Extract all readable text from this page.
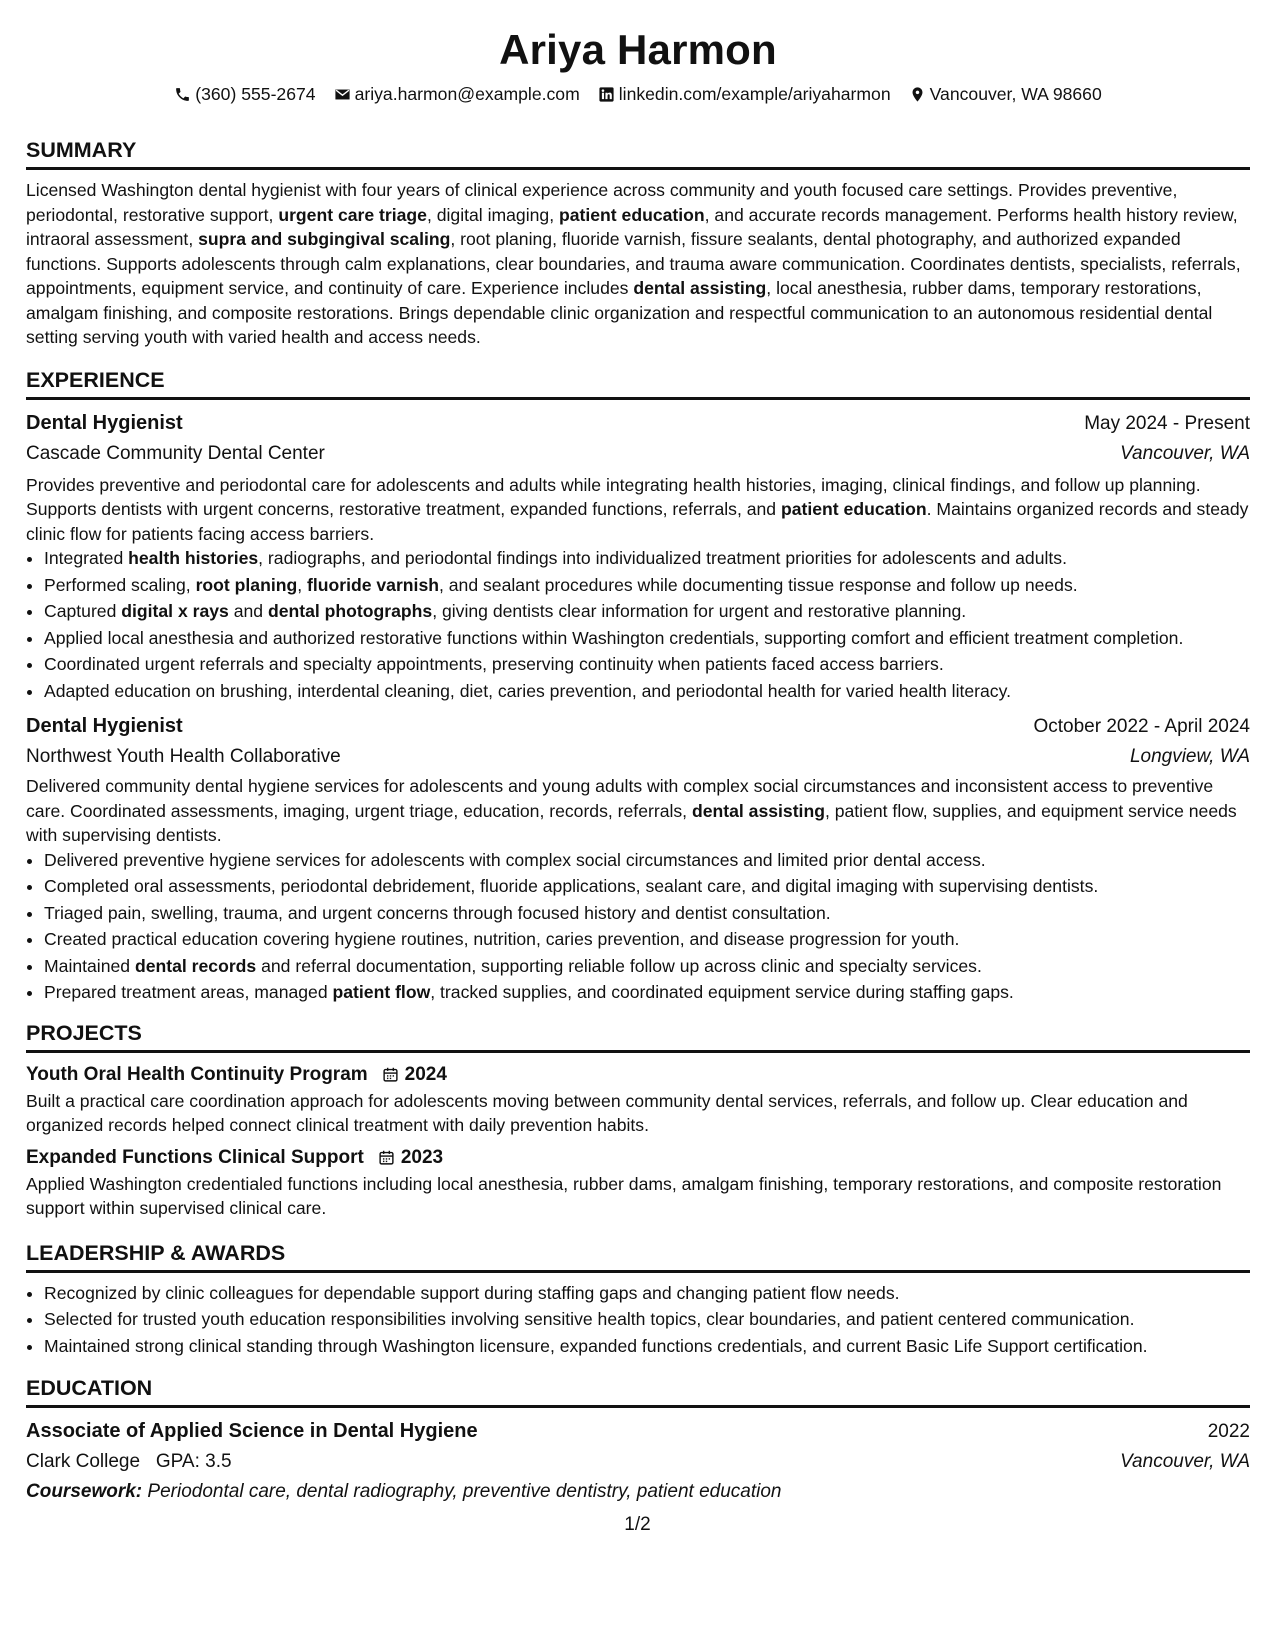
Ariya Harmon
(360) 555-2674 ariya.harmon@example.com linkedin.com/example/ariyaharmon Vancouver, WA 98660
SUMMARY

Licensed Washington dental hygienist with four years of clinical experience across community and youth focused care settings. Provides preventive, periodontal, restorative support, urgent care triage, digital imaging, patient education, and accurate records management. Performs health history review, intraoral assessment, supra and subgingival scaling, root planing, fluoride varnish, fissure sealants, dental photography, and authorized expanded functions. Supports adolescents through calm explanations, clear boundaries, and trauma aware communication. Coordinates dentists, specialists, referrals, appointments, equipment service, and continuity of care. Experience includes dental assisting, local anesthesia, rubber dams, temporary restorations, amalgam finishing, and composite restorations. Brings dependable clinic organization and respectful communication to an autonomous residential dental setting serving youth with varied health and access needs.

EXPERIENCE
Dental Hygienist	May 2024 - Present
Cascade Community Dental Center	Vancouver, WA

Provides preventive and periodontal care for adolescents and adults while integrating health histories, imaging, clinical findings, and follow up planning. Supports dentists with urgent concerns, restorative treatment, expanded functions, referrals, and patient education. Maintains organized records and steady clinic flow for patients facing access barriers.

• Integrated health histories, radiographs, and periodontal findings into individualized treatment priorities for adolescents and adults.
• Performed scaling, root planing, fluoride varnish, and sealant procedures while documenting tissue response and follow up needs.
• Captured digital x rays and dental photographs, giving dentists clear information for urgent and restorative planning.
• Applied local anesthesia and authorized restorative functions within Washington credentials, supporting comfort and efficient treatment completion.
• Coordinated urgent referrals and specialty appointments, preserving continuity when patients faced access barriers.
• Adapted education on brushing, interdental cleaning, diet, caries prevention, and periodontal health for varied health literacy.
Dental Hygienist	October 2022 - April 2024
Northwest Youth Health Collaborative	Longview, WA

Delivered community dental hygiene services for adolescents and young adults with complex social circumstances and inconsistent access to preventive care. Coordinated assessments, imaging, urgent triage, education, records, referrals, dental assisting, patient flow, supplies, and equipment service needs with supervising dentists.

• Delivered preventive hygiene services for adolescents with complex social circumstances and limited prior dental access.
• Completed oral assessments, periodontal debridement, fluoride applications, sealant care, and digital imaging with supervising dentists.
• Triaged pain, swelling, trauma, and urgent concerns through focused history and dentist consultation.
• Created practical education covering hygiene routines, nutrition, caries prevention, and disease progression for youth.
• Maintained dental records and referral documentation, supporting reliable follow up across clinic and specialty services.
• Prepared treatment areas, managed patient flow, tracked supplies, and coordinated equipment service during staffing gaps.
PROJECTS
Youth Oral Health Continuity Program 2024

Built a practical care coordination approach for adolescents moving between community dental services, referrals, and follow up. Clear education and organized records helped connect clinical treatment with daily prevention habits.

Expanded Functions Clinical Support 2023

Applied Washington credentialed functions including local anesthesia, rubber dams, amalgam finishing, temporary restorations, and composite restoration support within supervised clinical care.

LEADERSHIP & AWARDS
• Recognized by clinic colleagues for dependable support during staffing gaps and changing patient flow needs.
• Selected for trusted youth education responsibilities involving sensitive health topics, clear boundaries, and patient centered communication.
• Maintained strong clinical standing through Washington licensure, expanded functions credentials, and current Basic Life Support certification.
EDUCATION
Associate of Applied Science in Dental Hygiene	2022
Clark College GPA: 3.5	Vancouver, WA
Coursework: Periodontal care, dental radiography, preventive dentistry, patient education
1/2
